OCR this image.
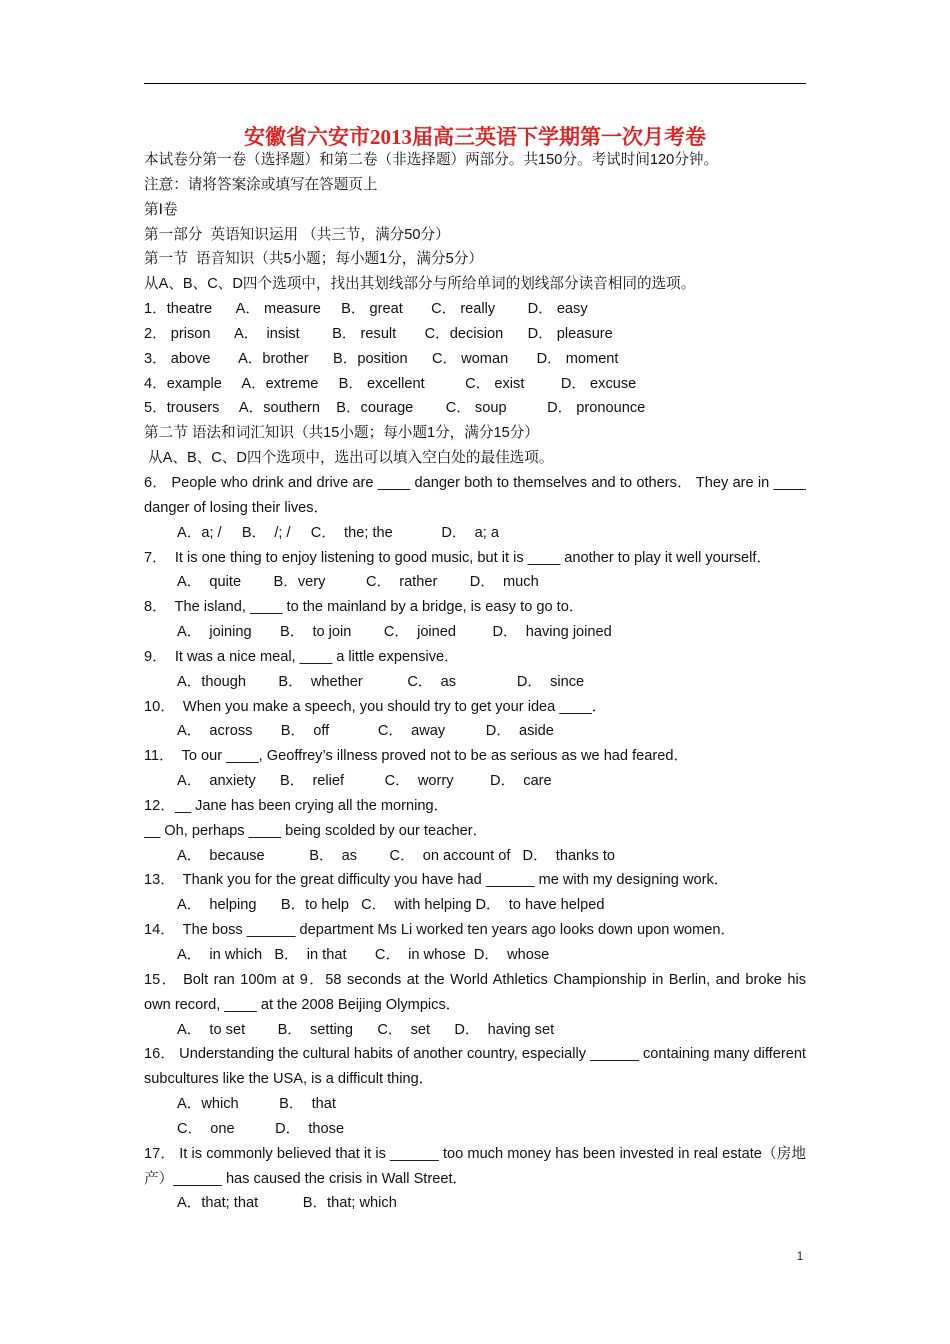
安徽省六安市2013届高三英语下学期第一次月考卷
本试卷分第一卷（选择题）和第二卷（非选择题）两部分。共150分。考试时间120分钟。
注意：请将答案涂或填写在答题页上
第Ⅰ卷
第一部分  英语知识运用 （共三节，满分50分）
第一节  语音知识（共5小题；每小题1分，满分5分）
从A、B、C、D四个选项中，找出其划线部分与所给单词的划线部分读音相同的选项。
1．theatre      A． measure     B． great       C． really        D． easy
2． prison      A．  insist        B． result       C．decision      D． pleasure
3． above       A．brother      B．position      C． woman       D． moment
4．example     A．extreme     B． excellent          C． exist         D． excuse
5．trousers     A．southern    B．courage        C． soup          D． pronounce
第二节 语法和词汇知识（共15小题；每小题1分，满分15分）
从A、B、C、D四个选项中，选出可以填入空白处的最佳选项。
6． People who drink and drive are ____ danger both to themselves and to others． They are in ____ danger of losing their lives．
A．a; /     B．  /; /     C．  the; the            D．  a; a
7．  It is one thing to enjoy listening to good music, but it is ____ another to play it well yourself．
A．  quite        B．very          C．  rather        D．  much
8．  The island, ____ to the mainland by a bridge, is easy to go to．
A．  joining       B．  to join        C．  joined         D．  having joined
9．  It was a nice meal, ____ a little expensive．
A．though        B．  whether           C．  as               D．  since
10．  When you make a speech, you should try to get your idea ____．
A．  across       B．  off            C．  away          D．  aside
11．  To our ____, Geoffrey’s illness proved not to be as serious as we had feared．
A．  anxiety      B．  relief          C．  worry         D．  care
12．__ Jane has been crying all the morning．
__ Oh, perhaps ____ being scolded by our teacher．
A．  because           B．  as        C．  on account of   D．  thanks to
13．  Thank you for the great difficulty you have had ______ me with my designing work．
A．  helping      B．to help   C．  with helping D．  to have helped
14．  The boss ______ department Ms Li worked ten years ago looks down upon women．
A．  in which   B．  in that       C．  in whose  D．  whose
15． Bolt ran 100m at 9．58 seconds at the World Athletics Championship in Berlin, and broke his own record, ____ at the 2008 Beijing Olympics．
A．  to set        B．  setting      C．  set      D．  having set
16． Understanding the cultural habits of another country, especially ______ containing many different subcultures like the USA, is a difficult thing．
A．which          B．  that
C．  one          D．  those
17． It is commonly believed that it is ______ too much money has been invested in real estate（房地产）______ has caused the crisis in Wall Street．
A．that; that           B．that; which
1
